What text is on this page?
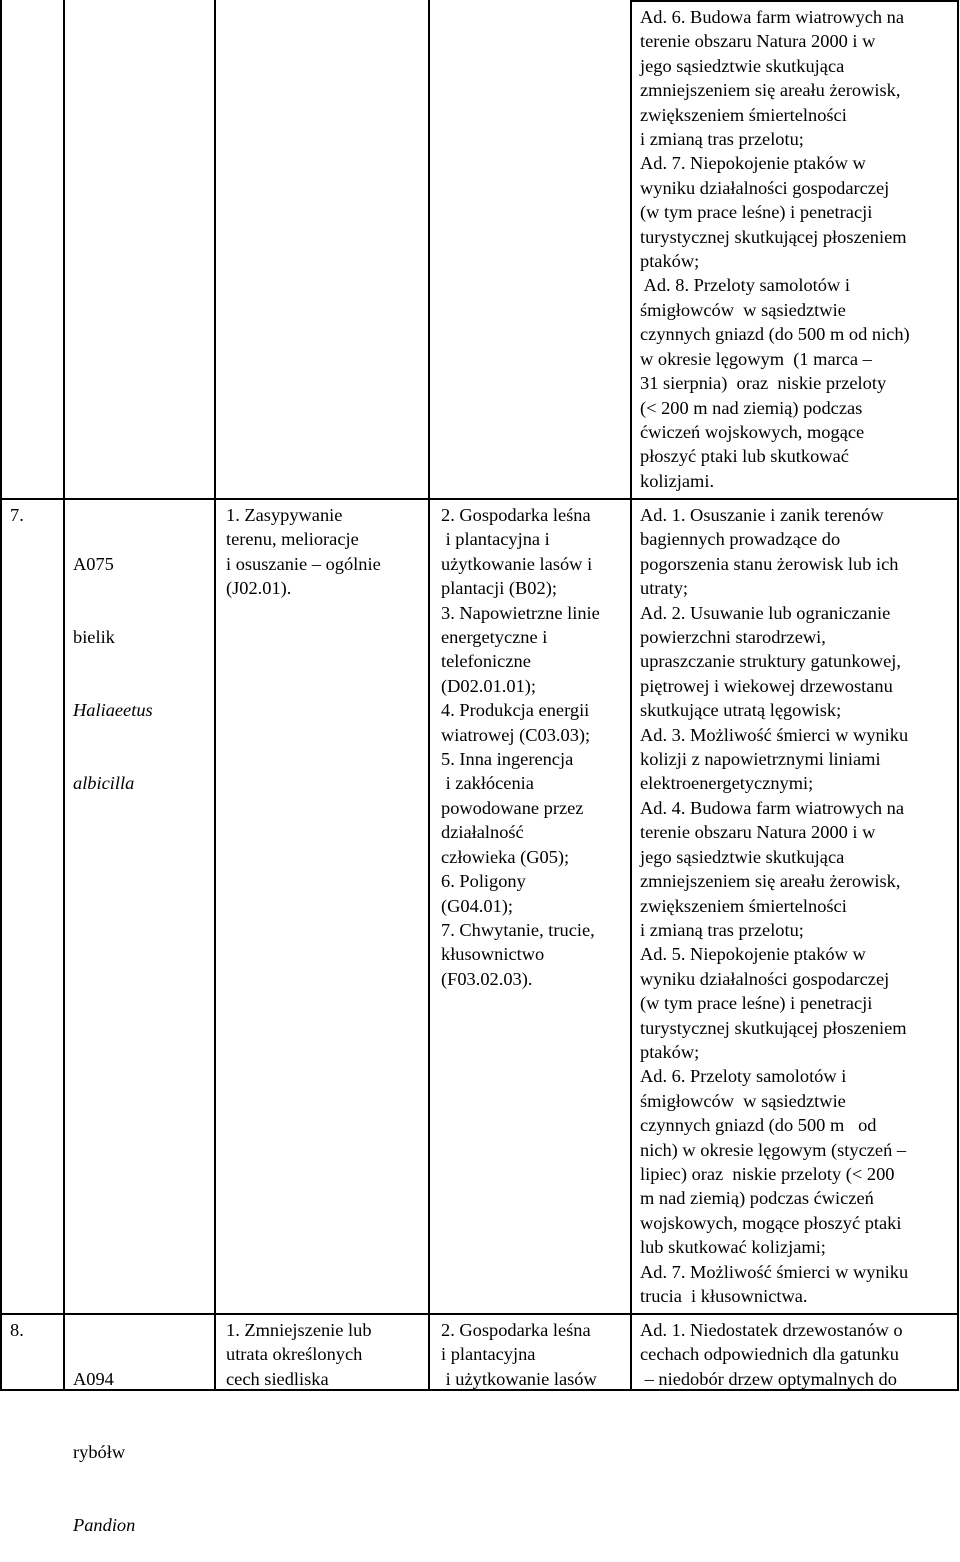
Ad. 6. Budowa farm wiatrowych na
terenie obszaru Natura 2000 i w
jego sąsiedztwie skutkująca
zmniejszeniem się areału żerowisk,
zwiększeniem śmiertelności
i zmianą tras przelotu;
Ad. 7. Niepokojenie ptaków w
wyniku działalności gospodarczej
(w tym prace leśne) i penetracji
turystycznej skutkującej płoszeniem
ptaków;
Ad. 8. Przeloty samolotów i
śmigłowców  w sąsiedztwie
czynnych gniazd (do 500 m od nich)
w okresie lęgowym  (1 marca –
31 sierpnia)  oraz  niskie przeloty
(< 200 m nad ziemią) podczas
ćwiczeń wojskowych, mogące
płoszyć ptaki lub skutkować
kolizjami.
7.

A075

bielik

Haliaeetus

albicilla

1. Zasypywanie
terenu, melioracje
i osuszanie – ogólnie
(J02.01).
2. Gospodarka leśna
i plantacyjna i
użytkowanie lasów i
plantacji (B02);
3. Napowietrzne linie
energetyczne i
telefoniczne
(D02.01.01);
4. Produkcja energii
wiatrowej (C03.03);
5. Inna ingerencja
i zakłócenia
powodowane przez
działalność
człowieka (G05);
6. Poligony
(G04.01);
7. Chwytanie, trucie,
kłusownictwo
(F03.02.03).
Ad. 1. Osuszanie i zanik terenów
bagiennych prowadzące do
pogorszenia stanu żerowisk lub ich
utraty;
Ad. 2. Usuwanie lub ograniczanie
powierzchni starodrzewi,
upraszczanie struktury gatunkowej,
piętrowej i wiekowej drzewostanu
skutkujące utratą lęgowisk;
Ad. 3. Możliwość śmierci w wyniku
kolizji z napowietrznymi liniami
elektroenergetycznymi;
Ad. 4. Budowa farm wiatrowych na
terenie obszaru Natura 2000 i w
jego sąsiedztwie skutkująca
zmniejszeniem się areału żerowisk,
zwiększeniem śmiertelności
i zmianą tras przelotu;
Ad. 5. Niepokojenie ptaków w
wyniku działalności gospodarczej
(w tym prace leśne) i penetracji
turystycznej skutkującej płoszeniem
ptaków;
Ad. 6. Przeloty samolotów i
śmigłowców  w sąsiedztwie
czynnych gniazd (do 500 m   od
nich) w okresie lęgowym (styczeń –
lipiec) oraz  niskie przeloty (< 200
m nad ziemią) podczas ćwiczeń
wojskowych, mogące płoszyć ptaki
lub skutkować kolizjami;
Ad. 7. Możliwość śmierci w wyniku
trucia  i kłusownictwa.
8.

A094

rybółw

Pandion

1. Zmniejszenie lub
utrata określonych
cech siedliska
2. Gospodarka leśna
i plantacyjna
i użytkowanie lasów
Ad. 1. Niedostatek drzewostanów o
cechach odpowiednich dla gatunku
– niedobór drzew optymalnych do
